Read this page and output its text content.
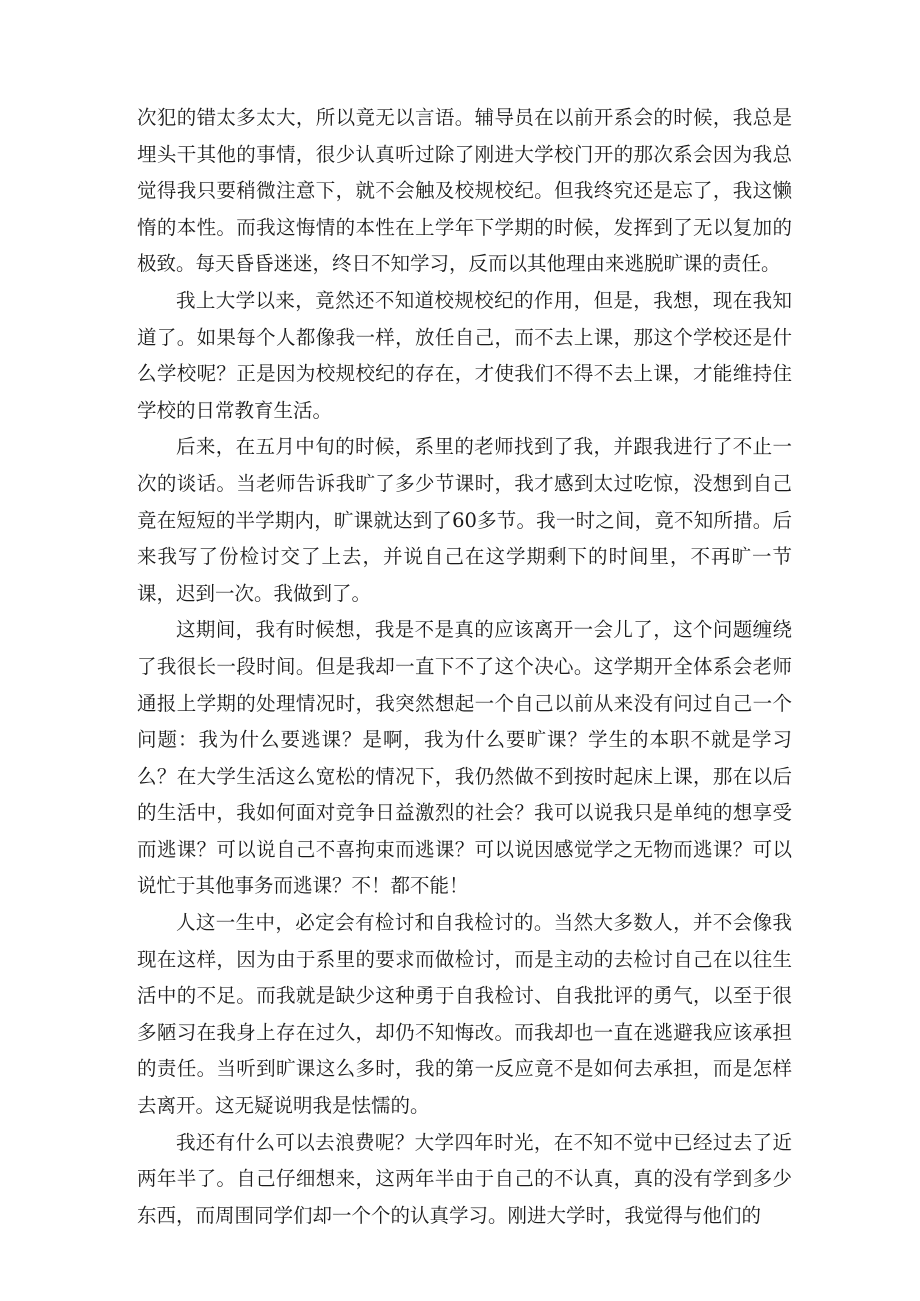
次犯的错太多太大，所以竟无以言语。辅导员在以前开系会的时候，我总是埋头干其他的事情，很少认真听过除了刚进大学校门开的那次系会因为我总觉得我只要稍微注意下，就不会触及校规校纪。但我终究还是忘了，我这懒惰的本性。而我这悔情的本性在上学年下学期的时候，发挥到了无以复加的极致。每天昏昏迷迷，终日不知学习，反而以其他理由来逃脱旷课的责任。

我上大学以来，竟然还不知道校规校纪的作用，但是，我想，现在我知道了。如果每个人都像我一样，放任自己，而不去上课，那这个学校还是什么学校呢？正是因为校规校纪的存在，才使我们不得不去上课，才能维持住学校的日常教育生活。

后来，在五月中旬的时候，系里的老师找到了我，并跟我进行了不止一次的谈话。当老师告诉我旷了多少节课时，我才感到太过吃惊，没想到自己竟在短短的半学期内，旷课就达到了60多节。我一时之间，竟不知所措。后来我写了份检讨交了上去，并说自己在这学期剩下的时间里，不再旷一节课，迟到一次。我做到了。

这期间，我有时候想，我是不是真的应该离开一会儿了，这个问题缠绕了我很长一段时间。但是我却一直下不了这个决心。这学期开全体系会老师通报上学期的处理情况时，我突然想起一个自己以前从来没有问过自己一个问题：我为什么要逃课？是啊，我为什么要旷课？学生的本职不就是学习么？在大学生活这么宽松的情况下，我仍然做不到按时起床上课，那在以后的生活中，我如何面对竞争日益激烈的社会？我可以说我只是单纯的想享受而逃课？可以说自己不喜拘束而逃课？可以说因感觉学之无物而逃课？可以说忙于其他事务而逃课？不！都不能！

人这一生中，必定会有检讨和自我检讨的。当然大多数人，并不会像我现在这样，因为由于系里的要求而做检讨，而是主动的去检讨自己在以往生活中的不足。而我就是缺少这种勇于自我检讨、自我批评的勇气，以至于很多陋习在我身上存在过久，却仍不知悔改。而我却也一直在逃避我应该承担的责任。当听到旷课这么多时，我的第一反应竟不是如何去承担，而是怎样去离开。这无疑说明我是怯懦的。

我还有什么可以去浪费呢？大学四年时光，在不知不觉中已经过去了近两年半了。自己仔细想来，这两年半由于自己的不认真，真的没有学到多少东西，而周围同学们却一个个的认真学习。刚进大学时，我觉得与他们的
